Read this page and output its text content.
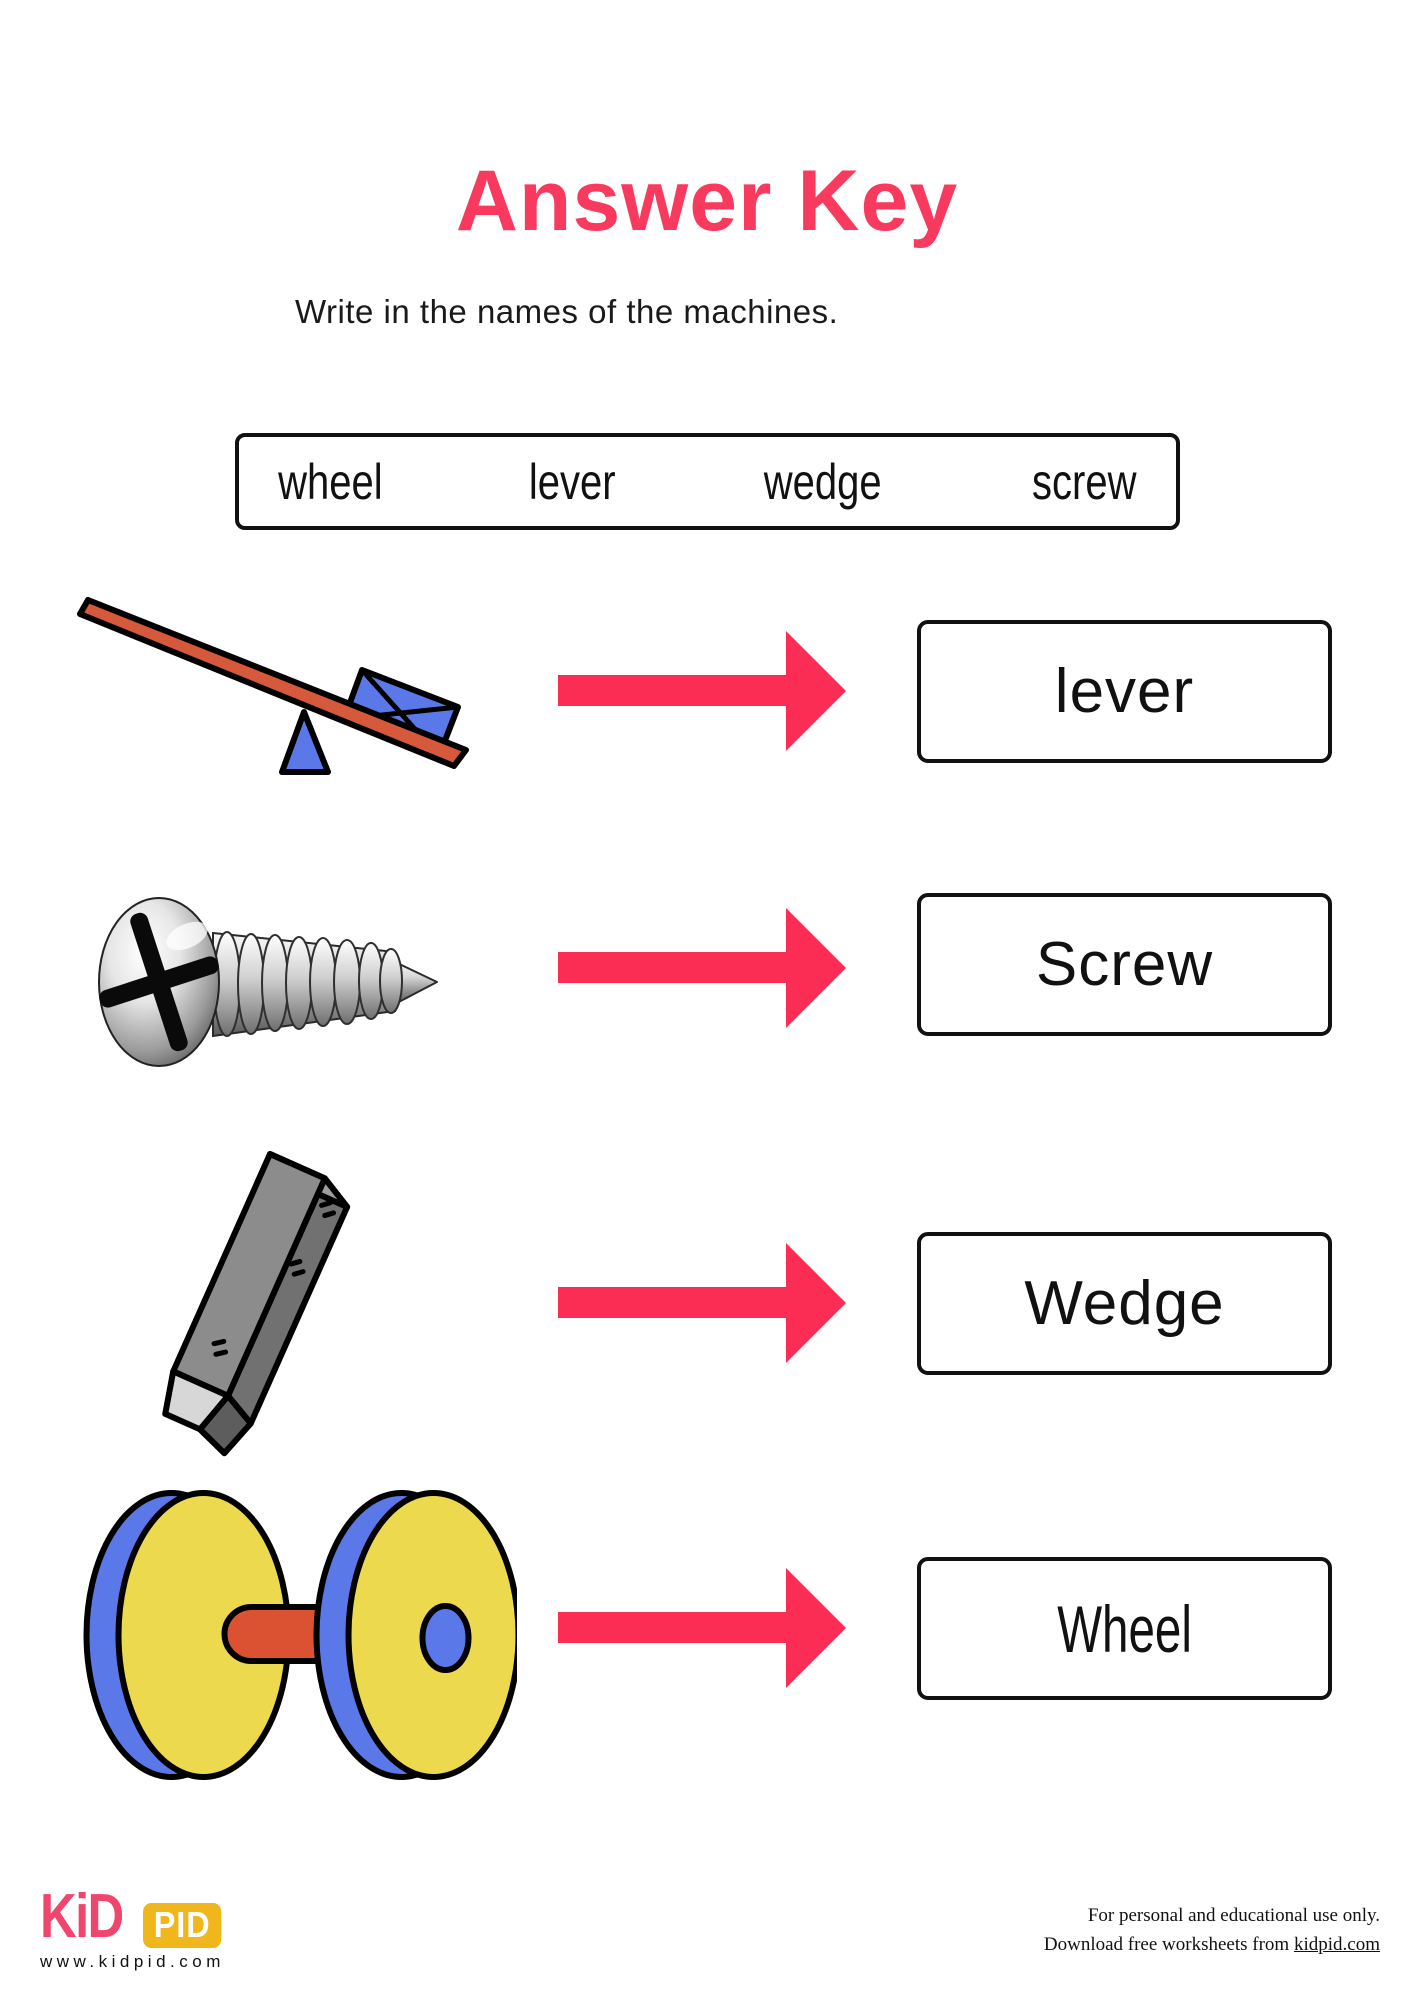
Answer Key
Write in the names of the machines.
wheel	lever	wedge	screw
lever
Screw
Wedge
Wheel
KiD PID
www.kidpid.com
For personal and educational use only.
Download free worksheets from kidpid.com
